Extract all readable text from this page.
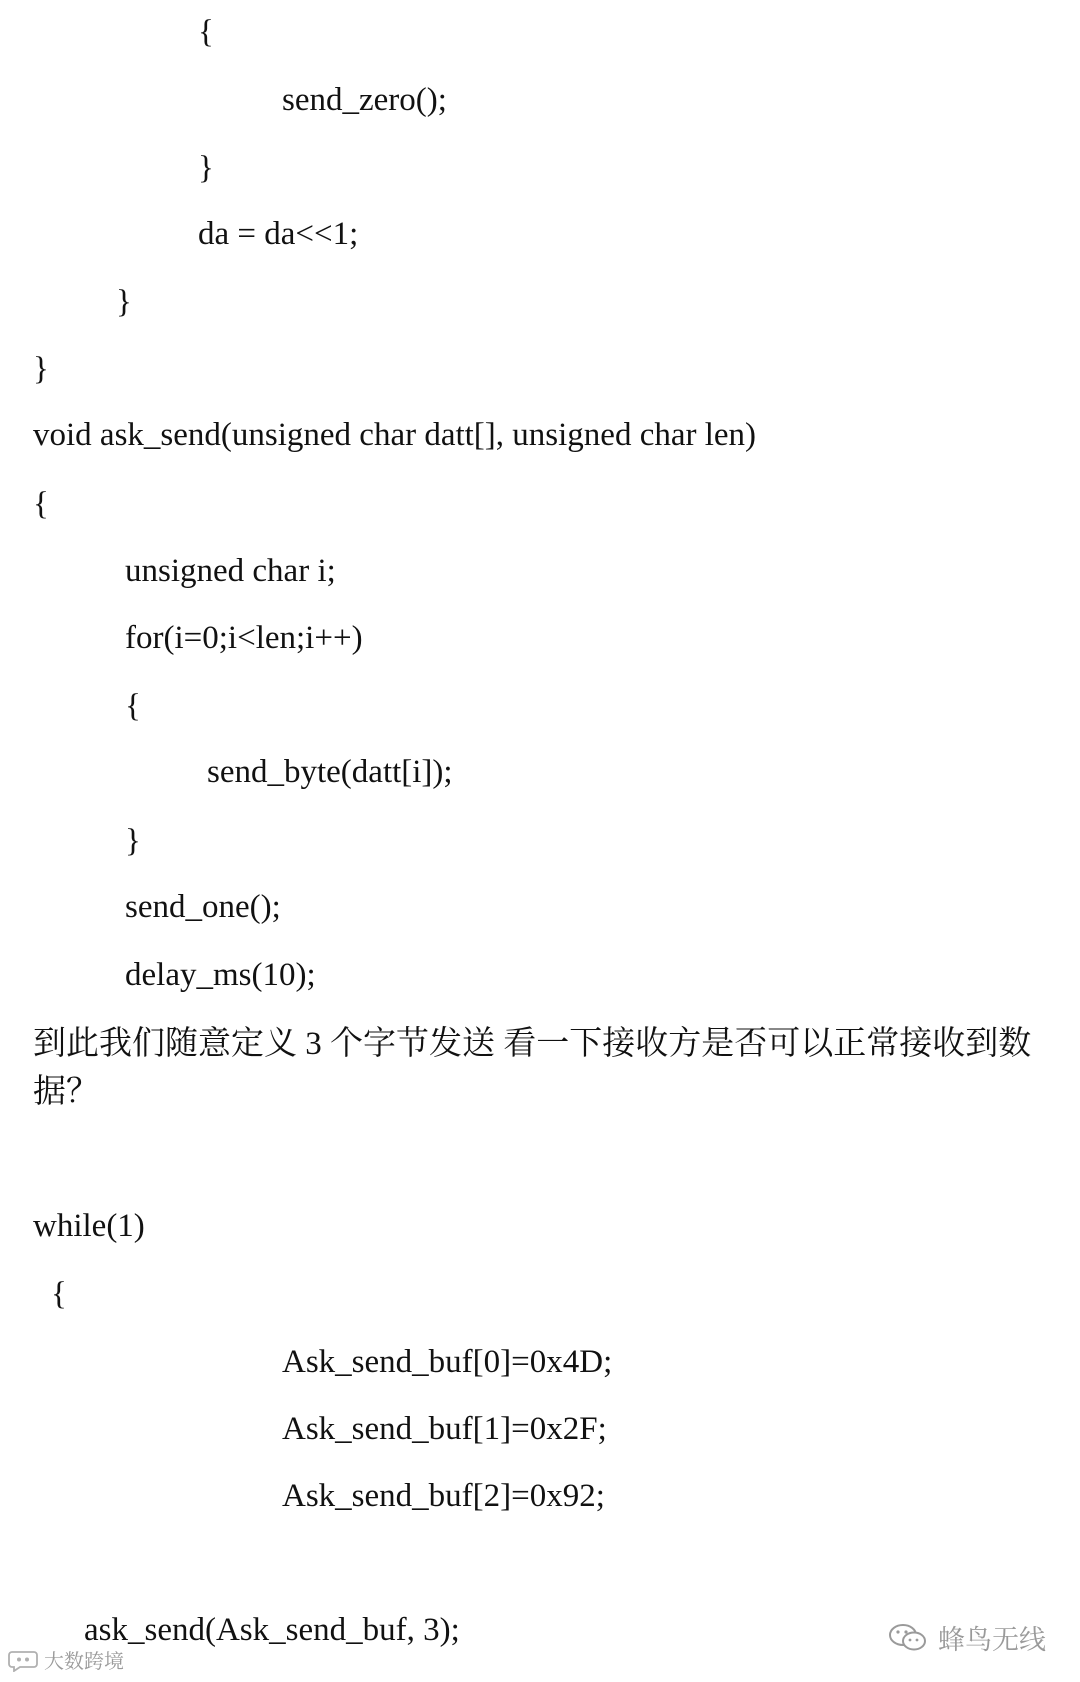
{
send_zero();
}
da = da<<1;
}
}
void ask_send(unsigned char datt[], unsigned char len)
{
unsigned char i;
for(i=0;i<len;i++)
{
send_byte(datt[i]);
}
send_one();
delay_ms(10);
到此我们随意定义 3 个字节发送 看一下接收方是否可以正常接收到数据？
while(1)
{
Ask_send_buf[0]=0x4D;
Ask_send_buf[1]=0x2F;
Ask_send_buf[2]=0x92;
ask_send(Ask_send_buf, 3);	蜂鸟无线
大数跨境
